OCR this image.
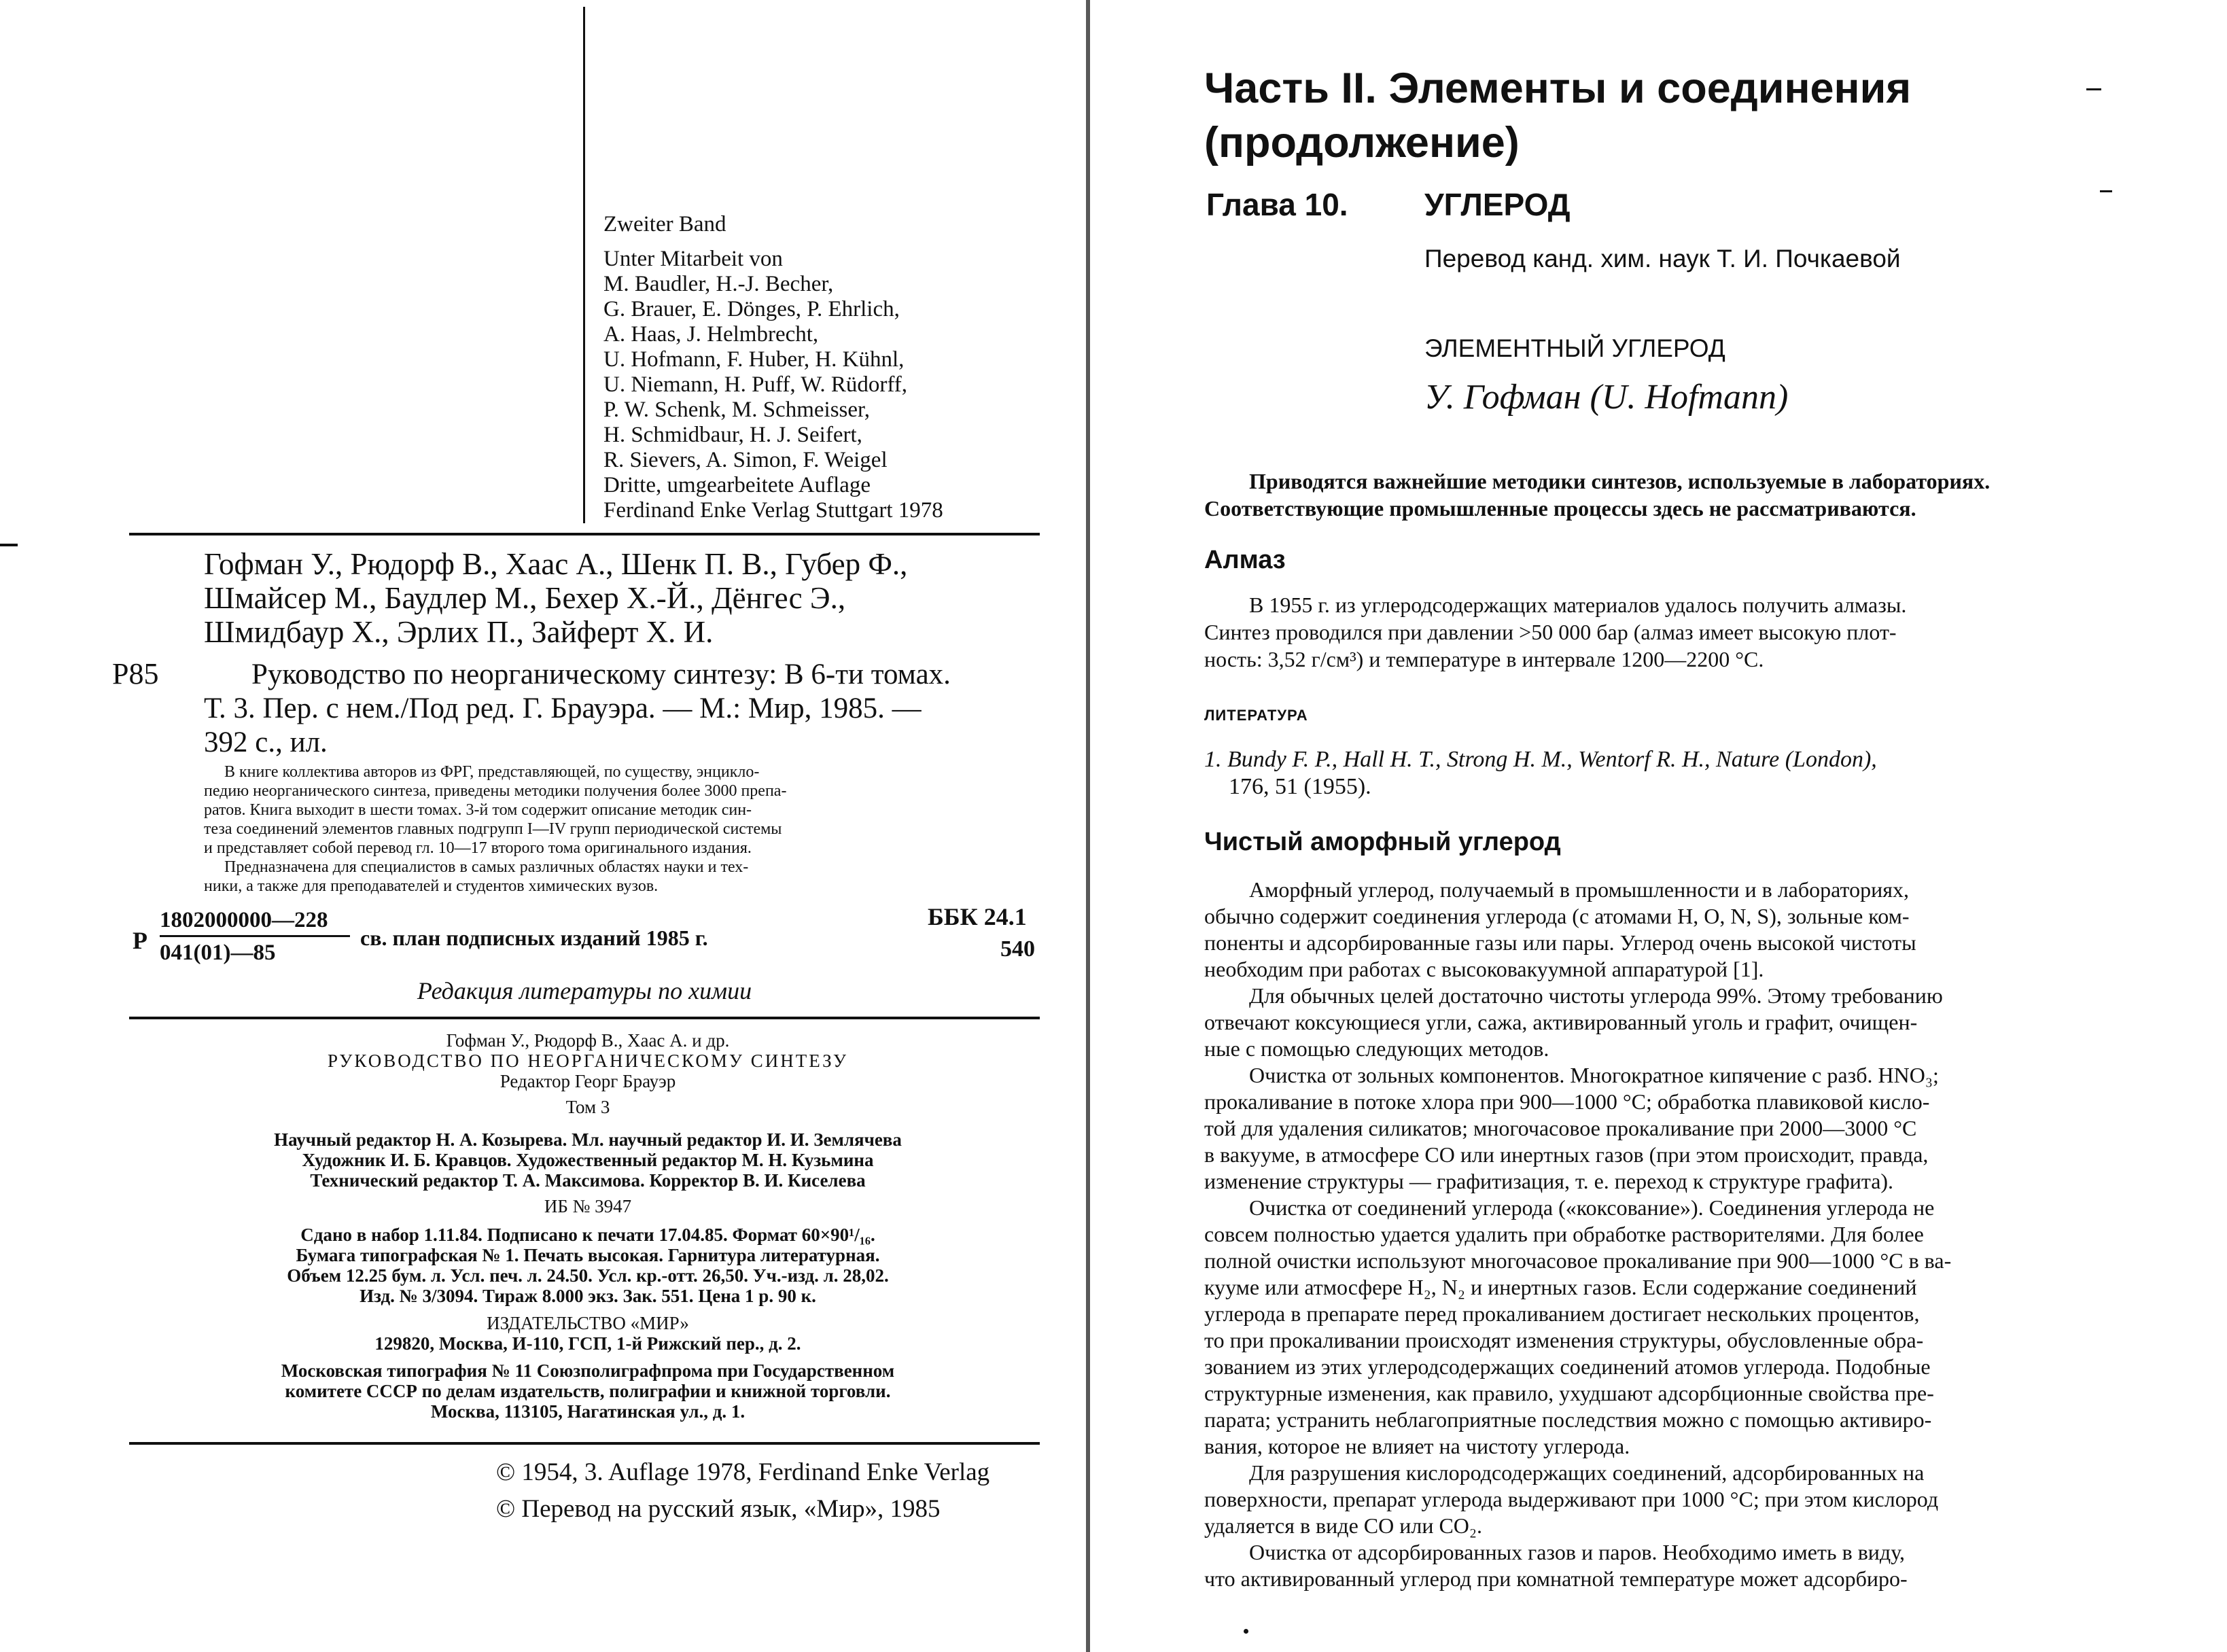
Zweiter Band
Unter Mitarbeit von
M. Baudler, H.-J. Becher,
G. Brauer, E. Dönges, P. Ehrlich,
A. Haas, J. Helmbrecht,
U. Hofmann, F. Huber, H. Kühnl,
U. Niemann, H. Puff, W. Rüdorff,
P. W. Schenk, M. Schmeisser,
H. Schmidbaur, H. J. Seifert,
R. Sievers, A. Simon, F. Weigel
Dritte, umgearbeitete Auflage
Ferdinand Enke Verlag Stuttgart 1978
Гофман У., Рюдорф В., Хаас А., Шенк П. В., Губер Ф.,
Шмайсер М., Баудлер М., Бехер Х.-Й., Дёнгес Э.,
Шмидбаур Х., Эрлих П., Зайферт Х. И.
Р85	Руководство по неорганическому синтезу: В 6-ти томах.
Т. 3. Пер. с нем./Под ред. Г. Брауэра. — М.: Мир, 1985. —
392 с., ил.
В книге коллектива авторов из ФРГ, представляющей, по существу, энцикло-
педию неорганического синтеза, приведены методики получения более 3000 препа-
ратов. Книга выходит в шести томах. 3-й том содержит описание методик син-
теза соединений элементов главных подгрупп I—IV групп периодической системы
и представляет собой перевод гл. 10—17 второго тома оригинального издания.
Предназначена для специалистов в самых различных областях науки и тех-
ники, а также для преподавателей и студентов химических вузов.
Р
1802000000—228
041(01)—85
св. план подписных изданий 1985 г.
ББК 24.1
540
Редакция литературы по химии
Гофман У., Рюдорф В., Хаас А. и др.
РУКОВОДСТВО ПО НЕОРГАНИЧЕСКОМУ СИНТЕЗУ
Редактор Георг Брауэр
Том 3
Научный редактор Н. А. Козырева. Мл. научный редактор И. И. Землячева
Художник И. Б. Кравцов. Художественный редактор М. Н. Кузьмина
Технический редактор Т. А. Максимова. Корректор В. И. Киселева
ИБ № 3947
Сдано в набор 1.11.84. Подписано к печати 17.04.85. Формат 60×90¹/₁₆.
Бумага типографская № 1. Печать высокая. Гарнитура литературная.
Объем 12.25 бум. л. Усл. печ. л. 24.50. Усл. кр.-отт. 26,50. Уч.-изд. л. 28,02.
Изд. № 3/3094. Тираж 8.000 экз. Зак. 551. Цена 1 р. 90 к.
ИЗДАТЕЛЬСТВО «МИР»
129820, Москва, И-110, ГСП, 1-й Рижский пер., д. 2.
Московская типография № 11 Союзполиграфпрома при Государственном
комитете СССР по делам издательств, полиграфии и книжной торговли.
Москва, 113105, Нагатинская ул., д. 1.
© 1954, 3. Auflage 1978, Ferdinand Enke Verlag
© Перевод на русский язык, «Мир», 1985
Часть II. Элементы и соединения
(продолжение)
Глава 10. УГЛЕРОД
Перевод канд. хим. наук Т. И. Почкаевой
ЭЛЕМЕНТНЫЙ УГЛЕРОД
У. Гофман (U. Hofmann)
Приводятся важнейшие методики синтезов, используемые в лабораториях.
Соответствующие промышленные процессы здесь не рассматриваются.
Алмаз
В 1955 г. из углеродсодержащих материалов удалось получить алмазы.
Синтез проводился при давлении >50 000 бар (алмаз имеет высокую плот-
ность: 3,52 г/см³) и температуре в интервале 1200—2200 °С.
ЛИТЕРАТУРА
1. Bundy F. P., Hall H. T., Strong H. M., Wentorf R. H., Nature (London),
176, 51 (1955).
Чистый аморфный углерод
Аморфный углерод, получаемый в промышленности и в лабораториях,
обычно содержит соединения углерода (с атомами H, O, N, S), зольные ком-
поненты и адсорбированные газы или пары. Углерод очень высокой чистоты
необходим при работах с высоковакуумной аппаратурой [1].
Для обычных целей достаточно чистоты углерода 99%. Этому требованию
отвечают коксующиеся угли, сажа, активированный уголь и графит, очищен-
ные с помощью следующих методов.
Очистка от зольных компонентов. Многократное кипячение с разб. HNO₃;
прокаливание в потоке хлора при 900—1000 °С; обработка плавиковой кисло-
той для удаления силикатов; многочасовое прокаливание при 2000—3000 °С
в вакууме, в атмосфере CO или инертных газов (при этом происходит, правда,
изменение структуры — графитизация, т. е. переход к структуре графита).
Очистка от соединений углерода («коксование»). Соединения углерода не
совсем полностью удается удалить при обработке растворителями. Для более
полной очистки используют многочасовое прокаливание при 900—1000 °С в ва-
кууме или атмосфере H₂, N₂ и инертных газов. Если содержание соединений
углерода в препарате перед прокаливанием достигает нескольких процентов,
то при прокаливании происходят изменения структуры, обусловленные обра-
зованием из этих углеродсодержащих соединений атомов углерода. Подобные
структурные изменения, как правило, ухудшают адсорбционные свойства пре-
парата; устранить неблагоприятные последствия можно с помощью активиро-
вания, которое не влияет на чистоту углерода.
Для разрушения кислородсодержащих соединений, адсорбированных на
поверхности, препарат углерода выдерживают при 1000 °С; при этом кислород
удаляется в виде CO или CO₂.
Очистка от адсорбированных газов и паров. Необходимо иметь в виду,
что активированный углерод при комнатной температуре может адсорбиро-
